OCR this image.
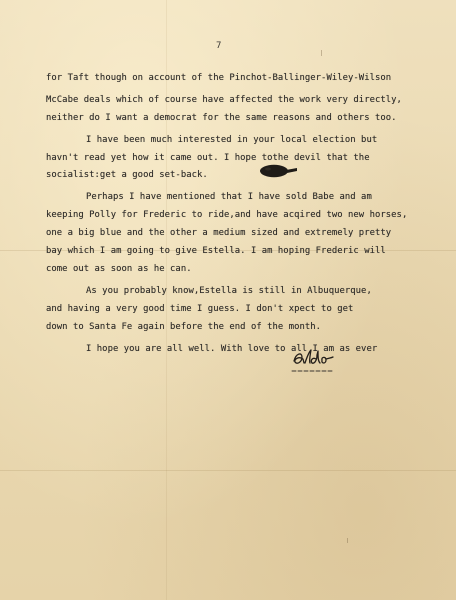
7

for Taft though on account of the Pinchot-Ballinger-Wiley-Wilson

McCabe deals which of course have affected the work very directly,

neither do I want a democrat for the same reasons and others too.

I have been much interested in your local election but

havn't read yet how it came out. I hope tothe devil that the

socialist:get a good set-back.

Perhaps I have mentioned that I have sold Babe and am

keeping Polly for Frederic to ride,and have acqired two new horses,

one a big blue and the other a medium sized and extremely pretty

bay which I am going to give Estella. I am hoping Frederic will

come out as soon as he can.

As you probably know,Estella is still in Albuquerque,

and having a very good time I guess. I don't xpect to get

down to Santa Fe again before the end of the month.

I hope you are all well. With love to all I am as ever
